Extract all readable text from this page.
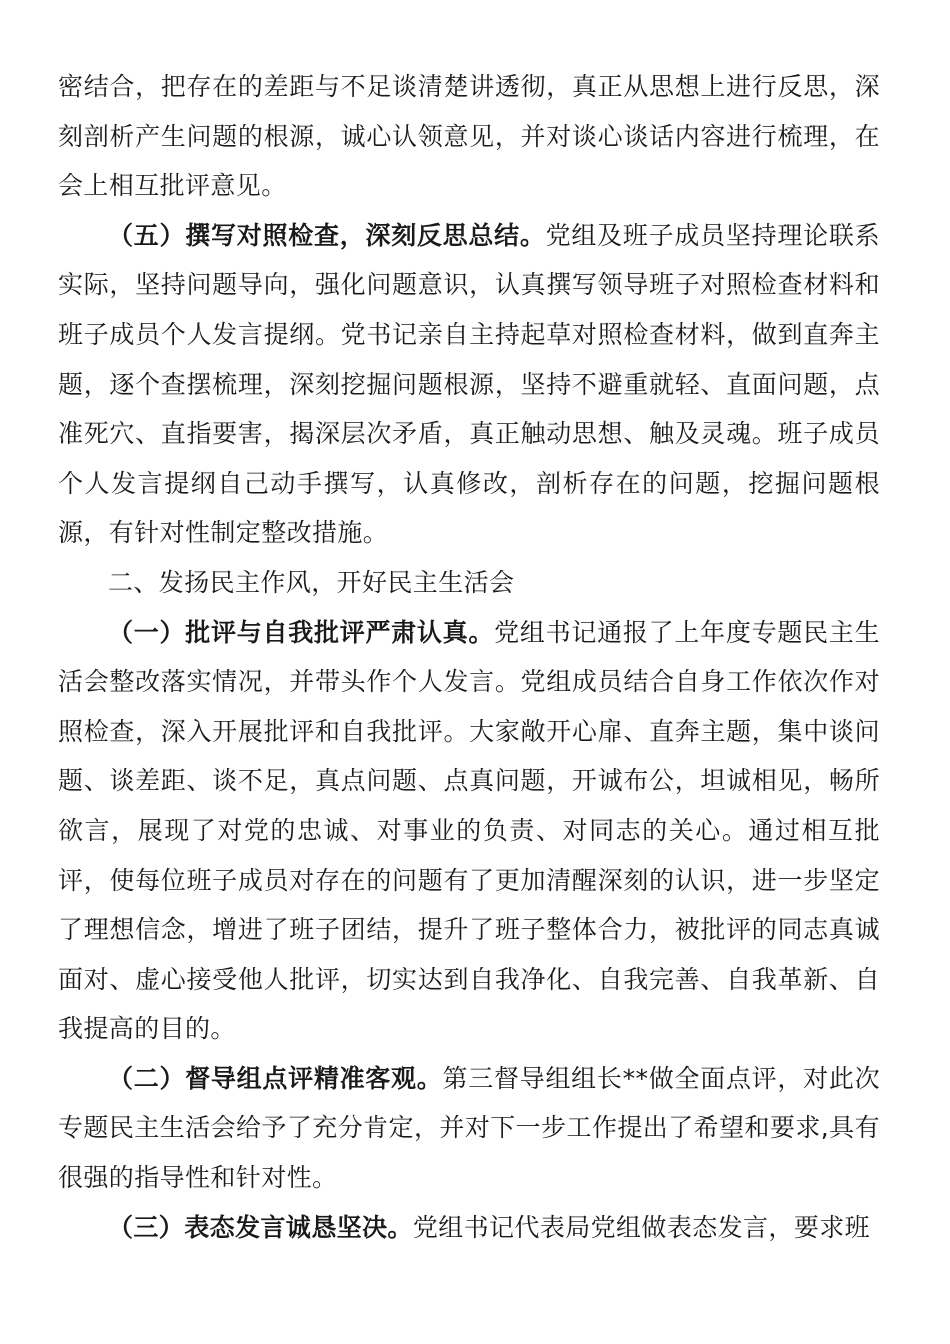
密结合，把存在的差距与不足谈清楚讲透彻，真正从思想上进行反思，深刻剖析产生问题的根源，诚心认领意见，并对谈心谈话内容进行梳理，在会上相互批评意见。

（五）撰写对照检查，深刻反思总结。党组及班子成员坚持理论联系实际，坚持问题导向，强化问题意识，认真撰写领导班子对照检查材料和班子成员个人发言提纲。党书记亲自主持起草对照检查材料，做到直奔主题，逐个查摆梳理，深刻挖掘问题根源，坚持不避重就轻、直面问题，点准死穴、直指要害，揭深层次矛盾，真正触动思想、触及灵魂。班子成员个人发言提纲自己动手撰写，认真修改，剖析存在的问题，挖掘问题根源，有针对性制定整改措施。

二、发扬民主作风，开好民主生活会

（一）批评与自我批评严肃认真。党组书记通报了上年度专题民主生活会整改落实情况，并带头作个人发言。党组成员结合自身工作依次作对照检查，深入开展批评和自我批评。大家敞开心扉、直奔主题，集中谈问题、谈差距、谈不足，真点问题、点真问题，开诚布公，坦诚相见，畅所欲言，展现了对党的忠诚、对事业的负责、对同志的关心。通过相互批评，使每位班子成员对存在的问题有了更加清醒深刻的认识，进一步坚定了理想信念，增进了班子团结，提升了班子整体合力，被批评的同志真诚面对、虚心接受他人批评，切实达到自我净化、自我完善、自我革新、自我提高的目的。

（二）督导组点评精准客观。第三督导组组长**做全面点评，对此次专题民主生活会给予了充分肯定，并对下一步工作提出了希望和要求,具有很强的指导性和针对性。

（三）表态发言诚恳坚决。党组书记代表局党组做表态发言，要求班
